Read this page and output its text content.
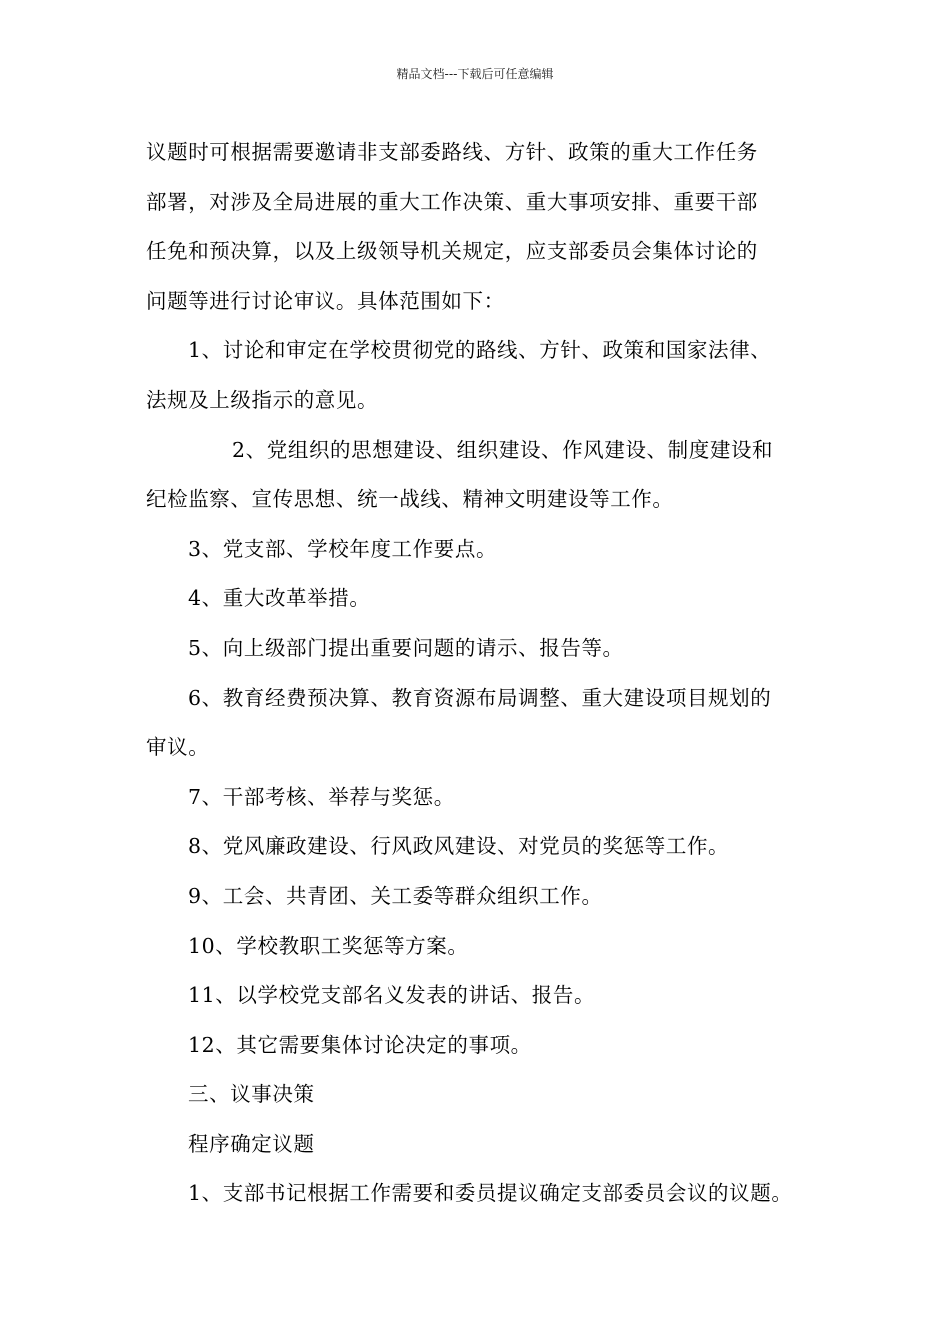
精品文档---下载后可任意编辑
议题时可根据需要邀请非支部委路线、方针、政策的重大工作任务
部署，对涉及全局进展的重大工作决策、重大事项安排、重要干部
任免和预决算，以及上级领导机关规定，应支部委员会集体讨论的
问题等进行讨论审议。具体范围如下：
1、讨论和审定在学校贯彻党的路线、方针、政策和国家法律、
法规及上级指示的意见。
2、党组织的思想建设、组织建设、作风建设、制度建设和
纪检监察、宣传思想、统一战线、精神文明建设等工作。
3、党支部、学校年度工作要点。
4、重大改革举措。
5、向上级部门提出重要问题的请示、报告等。
6、教育经费预决算、教育资源布局调整、重大建设项目规划的
审议。
7、干部考核、举荐与奖惩。
8、党风廉政建设、行风政风建设、对党员的奖惩等工作。
9、工会、共青团、关工委等群众组织工作。
10、学校教职工奖惩等方案。
11、以学校党支部名义发表的讲话、报告。
12、其它需要集体讨论决定的事项。
三、议事决策
程序确定议题
1、支部书记根据工作需要和委员提议确定支部委员会议的议题。
